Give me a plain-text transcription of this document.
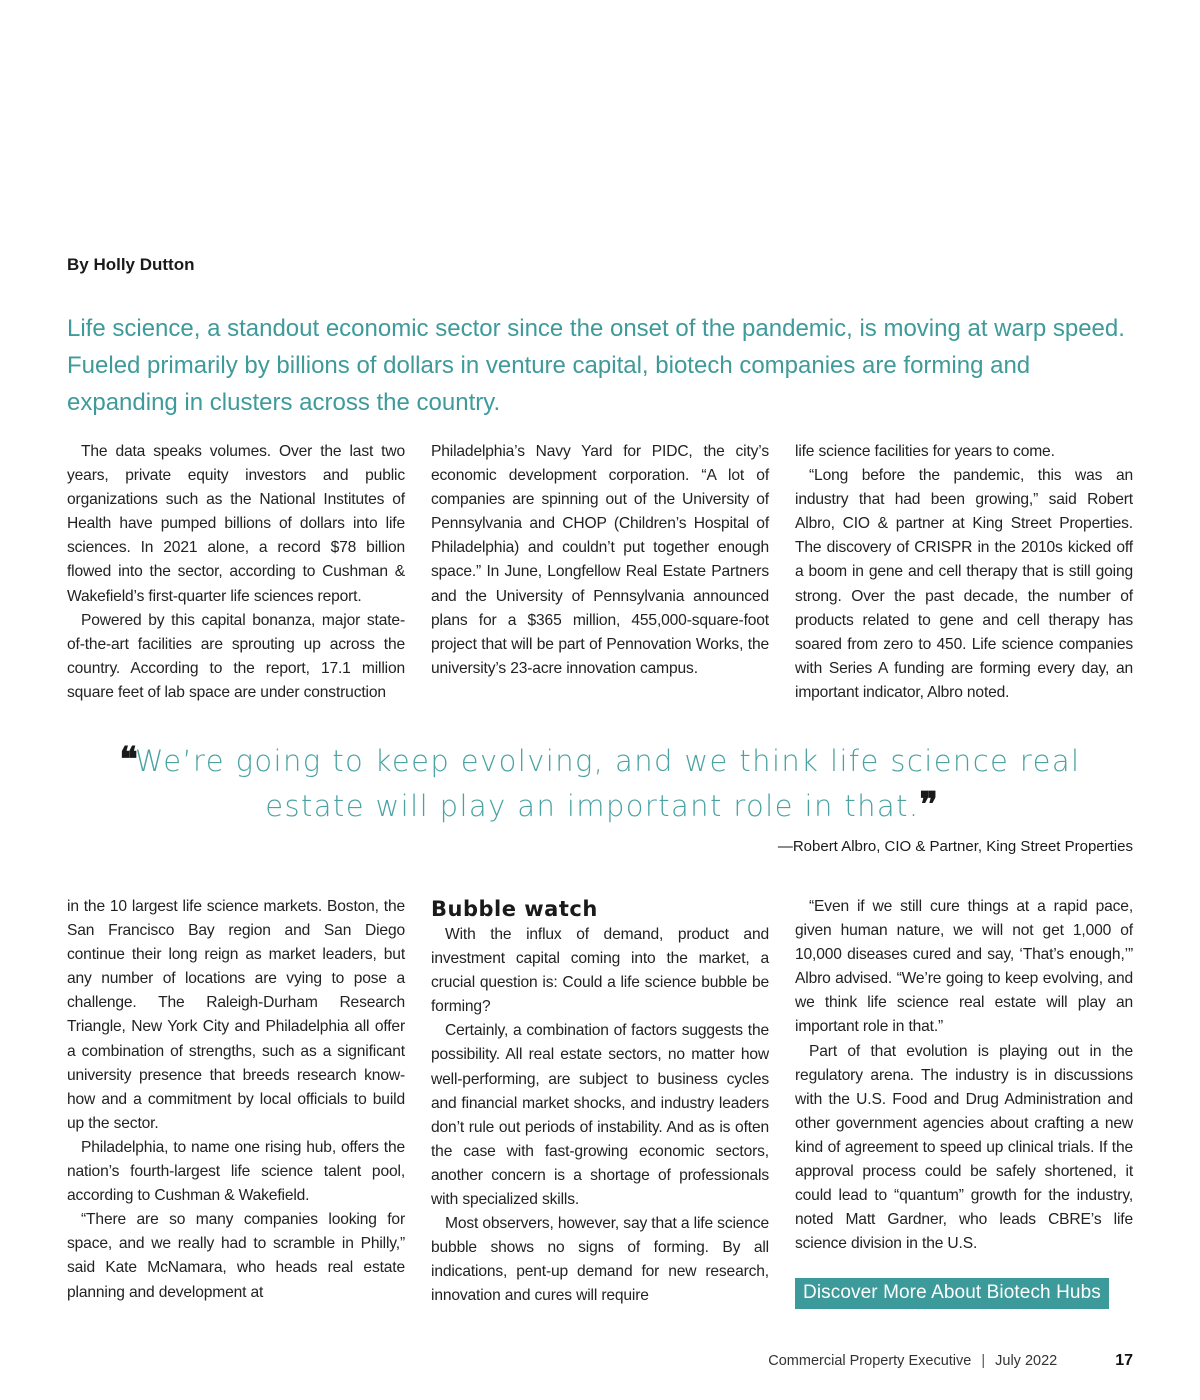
By Holly Dutton

Life science, a standout economic sector since the onset of the pandemic, is moving at warp speed. Fueled primarily by billions of dollars in venture capital, biotech companies are forming and expanding in clusters across the country.

The data speaks volumes. Over the last two years, private equity investors and public organizations such as the National Institutes of Health have pumped billions of dollars into life sciences. In 2021 alone, a record $78 billion flowed into the sector, according to Cushman & Wakefield’s first-quarter life sciences report.

Powered by this capital bonanza, major state-of-the-art facilities are sprouting up across the country. According to the report, 17.1 million square feet of lab space are under construction

Philadelphia’s Navy Yard for PIDC, the city’s economic development corporation. “A lot of companies are spinning out of the University of Pennsylvania and CHOP (Children’s Hospital of Philadelphia) and couldn’t put together enough space.” In June, Longfellow Real Estate Partners and the University of Pennsylvania announced plans for a $365 million, 455,000-square-foot project that will be part of Pennovation Works, the university’s 23-acre innovation campus.

life science facilities for years to come.

“Long before the pandemic, this was an industry that had been growing,” said Robert Albro, CIO & partner at King Street Properties. The discovery of CRISPR in the 2010s kicked off a boom in gene and cell therapy that is still going strong. Over the past decade, the number of products related to gene and cell therapy has soared from zero to 450. Life science companies with Series A funding are forming every day, an important indicator, Albro noted.

❝We’re going to keep evolving, and we think life science real estate will play an important role in that.❞

—Robert Albro, CIO & Partner, King Street Properties

in the 10 largest life science markets. Boston, the San Francisco Bay region and San Diego continue their long reign as market leaders, but any number of locations are vying to pose a challenge. The Raleigh-Durham Research Triangle, New York City and Philadelphia all offer a combination of strengths, such as a significant university presence that breeds research know-how and a commitment by local officials to build up the sector.

Philadelphia, to name one rising hub, offers the nation’s fourth-largest life science talent pool, according to Cushman & Wakefield.

“There are so many companies looking for space, and we really had to scramble in Philly,” said Kate McNamara, who heads real estate planning and development at

Bubble watch

With the influx of demand, product and investment capital coming into the market, a crucial question is: Could a life science bubble be forming?

Certainly, a combination of factors suggests the possibility. All real estate sectors, no matter how well-performing, are subject to business cycles and financial market shocks, and industry leaders don’t rule out periods of instability. And as is often the case with fast-growing economic sectors, another concern is a shortage of professionals with specialized skills.

Most observers, however, say that a life science bubble shows no signs of forming. By all indications, pent-up demand for new research, innovation and cures will require

“Even if we still cure things at a rapid pace, given human nature, we will not get 1,000 of 10,000 diseases cured and say, ‘That’s enough,’” Albro advised. “We’re going to keep evolving, and we think life science real estate will play an important role in that.”

Part of that evolution is playing out in the regulatory arena. The industry is in discussions with the U.S. Food and Drug Administration and other government agencies about crafting a new kind of agreement to speed up clinical trials. If the approval process could be safely shortened, it could lead to “quantum” growth for the industry, noted Matt Gardner, who leads CBRE’s life science division in the U.S.

Discover More About Biotech Hubs
Commercial Property Executive | July 2022	17
